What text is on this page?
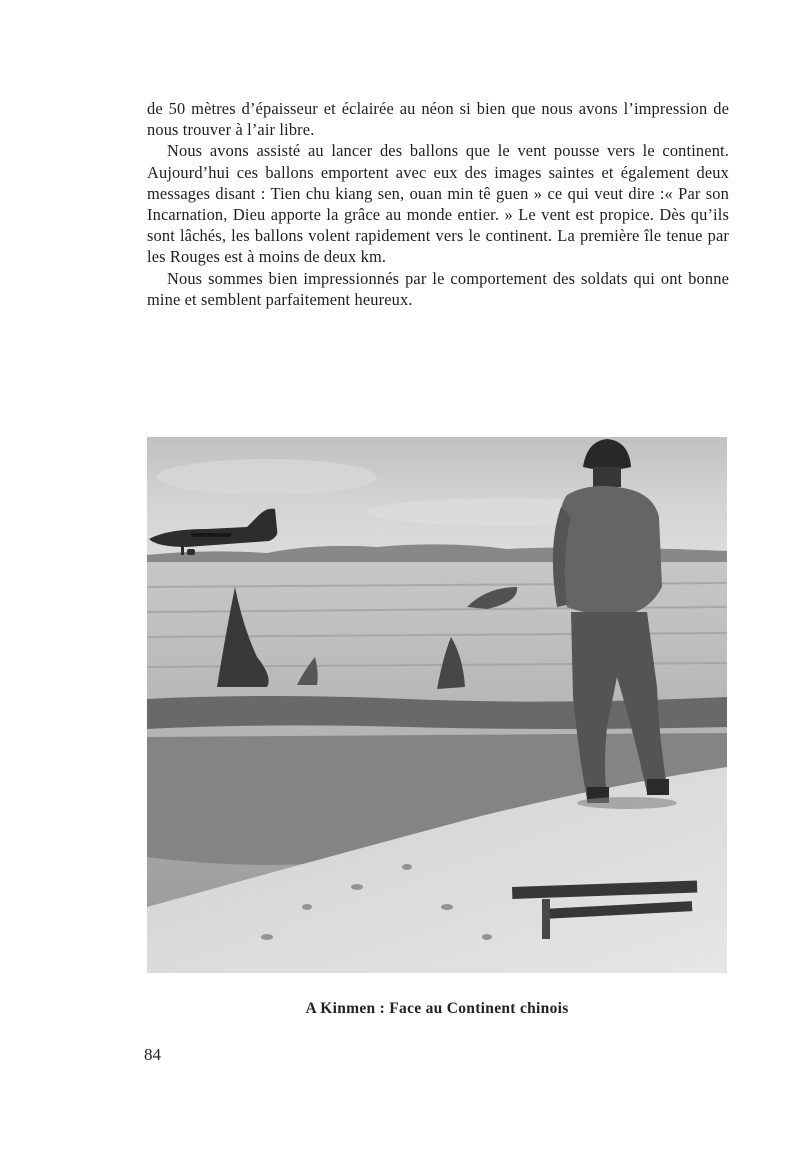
de 50 mètres d’épaisseur et éclairée au néon si bien que nous avons l’impression de nous trouver à l’air libre.

Nous avons assisté au lancer des ballons que le vent pousse vers le continent. Aujourd’hui ces ballons emportent avec eux des images saintes et également deux messages disant : Tien chu kiang sen, ouan min tê guen » ce qui veut dire :« Par son Incarnation, Dieu apporte la grâce au monde entier. » Le vent est propice. Dès qu’ils sont lâchés, les ballons volent rapidement vers le continent. La première île tenue par les Rouges est à moins de deux km.

Nous sommes bien impressionnés par le comportement des soldats qui ont bonne mine et semblent parfaitement heureux.

A Kinmen : Face au Continent chinois
84
